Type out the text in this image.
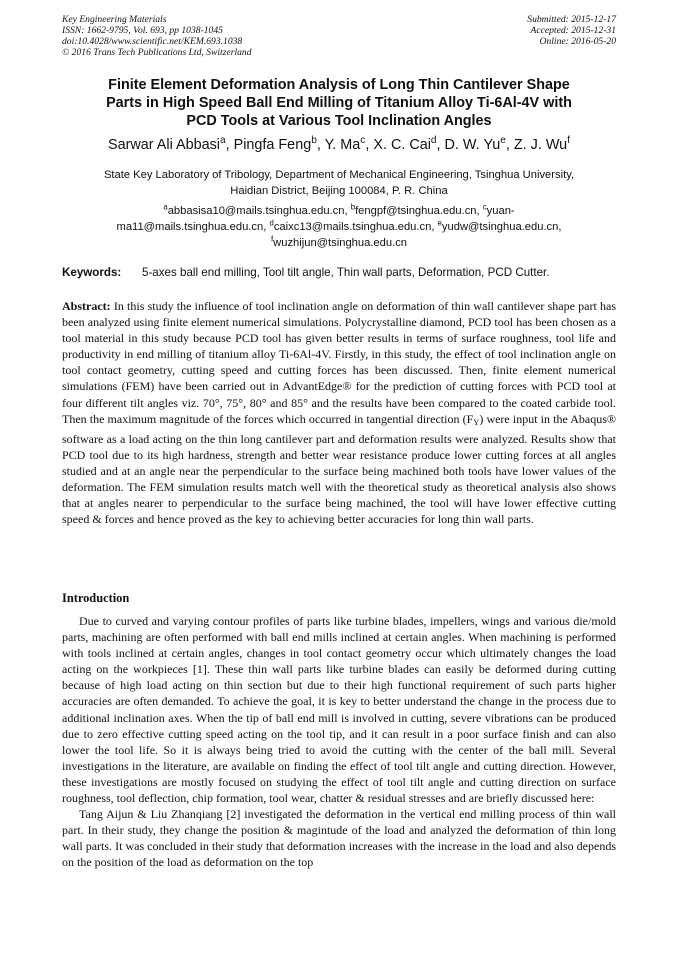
Key Engineering Materials
ISSN: 1662-9795, Vol. 693, pp 1038-1045
doi:10.4028/www.scientific.net/KEM.693.1038
© 2016 Trans Tech Publications Ltd, Switzerland
Submitted: 2015-12-17
Accepted: 2015-12-31
Online: 2016-05-20
Finite Element Deformation Analysis of Long Thin Cantilever Shape
Parts in High Speed Ball End Milling of Titanium Alloy Ti-6Al-4V with
PCD Tools at Various Tool Inclination Angles
Sarwar Ali Abbasi$^a$, Pingfa Feng$^b$, Y. Ma$^c$, X. C. Cai$^d$, D. W. Yu$^e$, Z. J. Wu$^f$
State Key Laboratory of Tribology, Department of Mechanical Engineering, Tsinghua University,
Haidian District, Beijing 100084, P. R. China
$^a$abbasisa10@mails.tsinghua.edu.cn, $^b$fengpf@tsinghua.edu.cn, $^c$yuan-
ma11@mails.tsinghua.edu.cn, $^d$caixc13@mails.tsinghua.edu.cn, $^e$yudw@tsinghua.edu.cn,
$^f$wuzhijun@tsinghua.edu.cn
Keywords: 5-axes ball end milling, Tool tilt angle, Thin wall parts, Deformation, PCD Cutter.
Abstract: In this study the influence of tool inclination angle on deformation of thin wall cantilever shape part has been analyzed using finite element numerical simulations. Polycrystalline diamond, PCD tool has been chosen as a tool material in this study because PCD tool has given better results in terms of surface roughness, tool life and productivity in end milling of titanium alloy Ti-6Al-4V. Firstly, in this study, the effect of tool inclination angle on tool contact geometry, cutting speed and cutting forces has been discussed. Then, finite element numerical simulations (FEM) have been carried out in AdvantEdge® for the prediction of cutting forces with PCD tool at four different tilt angles viz. 70°, 75°, 80° and 85° and the results have been compared to the coated carbide tool. Then the maximum magnitude of the forces which occurred in tangential direction $(F_Y)$ were input in the Abaqus® software as a load acting on the thin long cantilever part and deformation results were analyzed. Results show that PCD tool due to its high hardness, strength and better wear resistance produce lower cutting forces at all angles studied and at an angle near the perpendicular to the surface being machined both tools have lower values of the deformation. The FEM simulation results match well with the theoretical study as theoretical analysis also shows that at angles nearer to perpendicular to the surface being machined, the tool will have lower effective cutting speed & forces and hence proved as the key to achieving better accuracies for long thin wall parts.
Introduction

Due to curved and varying contour profiles of parts like turbine blades, impellers, wings and various die/mold parts, machining are often performed with ball end mills inclined at certain angles. When machining is performed with tools inclined at certain angles, changes in tool contact geometry occur which ultimately changes the load acting on the workpieces [1]. These thin wall parts like turbine blades can easily be deformed during cutting because of high load acting on thin section but due to their high functional requirement of such parts higher accuracies are often demanded. To achieve the goal, it is key to better understand the change in the process due to additional inclination axes. When the tip of ball end mill is involved in cutting, severe vibrations can be produced due to zero effective cutting speed acting on the tool tip, and it can result in a poor surface finish and can also lower the tool life. So it is always being tried to avoid the cutting with the center of the ball mill. Several investigations in the literature, are available on finding the effect of tool tilt angle and cutting direction. However, these investigations are mostly focused on studying the effect of tool tilt angle and cutting direction on surface roughness, tool deflection, chip formation, tool wear, chatter & residual stresses and are briefly discussed here:

Tang Aijun & Liu Zhanqiang [2] investigated the deformation in the vertical end milling process of thin wall part. In their study, they change the position & magintude of the load and analyzed the deformation of thin long wall parts. It was concluded in their study that deformation increases with the increase in the load and also depends on the position of the load as deformation on the top
